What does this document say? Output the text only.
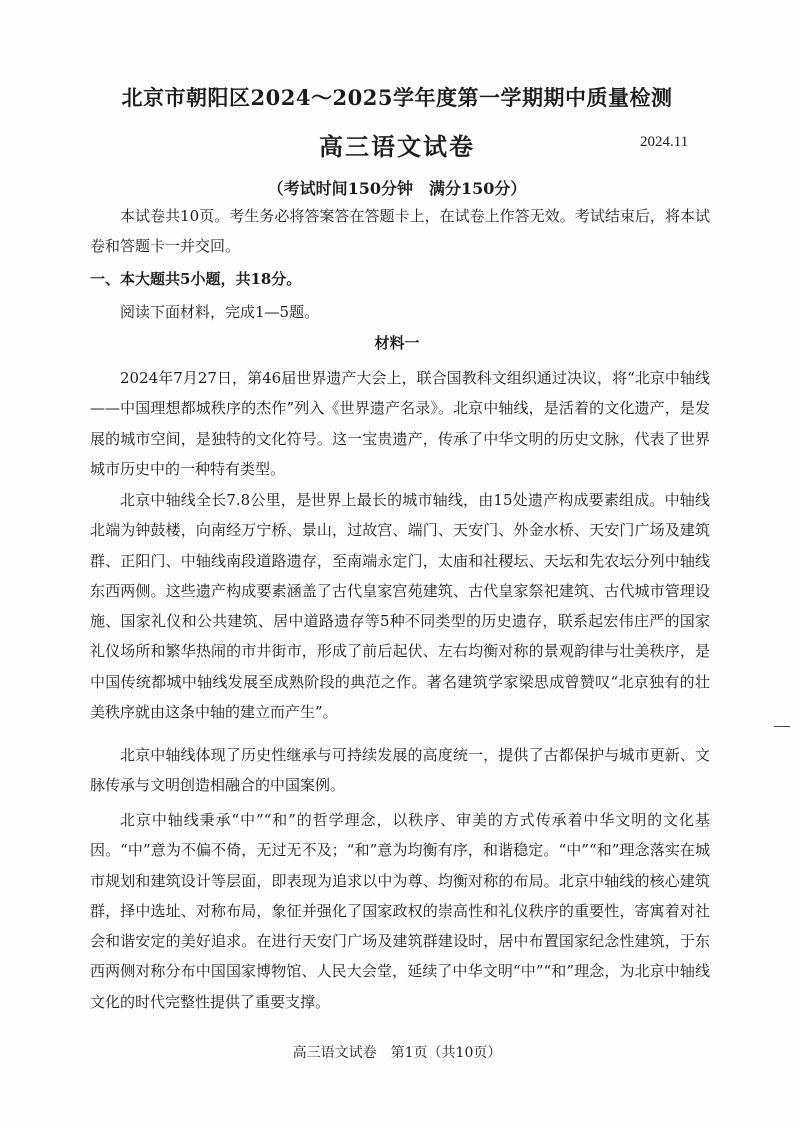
北京市朝阳区2024～2025学年度第一学期期中质量检测
高三语文试卷	2024.11
（考试时间150分钟　满分150分）

本试卷共10页。考生务必将答案答在答题卡上，在试卷上作答无效。考试结束后，将本试卷和答题卡一并交回。

一、本大题共5小题，共18分。
阅读下面材料，完成1—5题。
材料一

2024年7月27日，第46届世界遗产大会上，联合国教科文组织通过决议，将“北京中轴线——中国理想都城秩序的杰作”列入《世界遗产名录》。北京中轴线，是活着的文化遗产，是发展的城市空间，是独特的文化符号。这一宝贵遗产，传承了中华文明的历史文脉，代表了世界城市历史中的一种特有类型。

北京中轴线全长7.8公里，是世界上最长的城市轴线，由15处遗产构成要素组成。中轴线北端为钟鼓楼，向南经万宁桥、景山，过故宫、端门、天安门、外金水桥、天安门广场及建筑群、正阳门、中轴线南段道路遗存，至南端永定门，太庙和社稷坛、天坛和先农坛分列中轴线东西两侧。这些遗产构成要素涵盖了古代皇家宫苑建筑、古代皇家祭祀建筑、古代城市管理设施、国家礼仪和公共建筑、居中道路遗存等5种不同类型的历史遗存，联系起宏伟庄严的国家礼仪场所和繁华热闹的市井街市，形成了前后起伏、左右均衡对称的景观韵律与壮美秩序，是中国传统都城中轴线发展至成熟阶段的典范之作。著名建筑学家梁思成曾赞叹“北京独有的壮美秩序就由这条中轴的建立而产生”。

北京中轴线体现了历史性继承与可持续发展的高度统一，提供了古都保护与城市更新、文脉传承与文明创造相融合的中国案例。

北京中轴线秉承“中”“和”的哲学理念，以秩序、审美的方式传承着中华文明的文化基因。“中”意为不偏不倚，无过无不及；“和”意为均衡有序，和谐稳定。“中”“和”理念落实在城市规划和建筑设计等层面，即表现为追求以中为尊、均衡对称的布局。北京中轴线的核心建筑群，择中选址、对称布局，象征并强化了国家政权的崇高性和礼仪秩序的重要性，寄寓着对社会和谐安定的美好追求。在进行天安门广场及建筑群建设时，居中布置国家纪念性建筑，于东西两侧对称分布中国国家博物馆、人民大会堂，延续了中华文明“中”“和”理念，为北京中轴线文化的时代完整性提供了重要支撑。

高三语文试卷　第1页（共10页）
